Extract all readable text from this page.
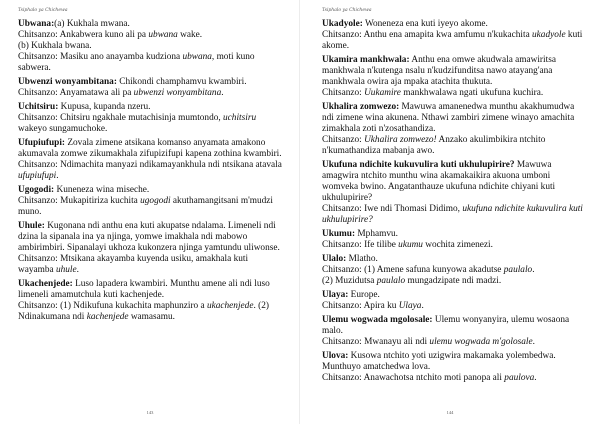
Tsiphalo ya Chichewa

Ubwana:(a) Kukhala mwana.
Chitsanzo: Ankabwera kuno ali pa ubwana wake.
(b) Kukhala bwana.
Chitsanzo: Masiku ano anayamba kudziona ubwana, moti kuno sabwera.

Ubwenzi wonyambitana: Chikondi champhamvu kwambiri.
Chitsanzo: Anyamatawa ali pa ubwenzi wonyambitana.

Uchitsiru: Kupusa, kupanda nzeru.
Chitsanzo: Chitsiru ngakhale mutachisinja mumtondo, uchitsiru wakeyo sungamuchoke.

Ufupiufupi: Zovala zimene atsikana komanso anyamata amakono akumavala zomwe zikumakhala zifupizifupi kapena zothina kwambiri.
Chitsanzo: Ndimachita manyazi ndikamayankhula ndi ntsikana atavala ufupiufupi.

Ugogodi: Kuneneza wina miseche.
Chitsanzo: Mukapitiriza kuchita ugogodi akuthamangitsani m'mudzi muno.

Uhule: Kugonana ndi anthu ena kuti akupatse ndalama. Limeneli ndi dzina la sipanala ina ya njinga, yomwe imakhala ndi mabowo ambirimbiri. Sipanalayi ukhoza kukonzera njinga yamtundu uliwonse.
Chitsanzo: Mtsikana akayamba kuyenda usiku, amakhala kuti wayamba uhule.

Ukachenjede: Luso lapadera kwambiri. Munthu amene ali ndi luso limeneli amamutchula kuti kachenjede.
Chitsanzo: (1) Ndikufuna kukachita maphunziro a ukachenjede. (2) Ndinakumana ndi kachenjede wamasamu.

143
Tsiphalo ya Chichewa

Ukadyole: Woneneza ena kuti iyeyo akome.
Chitsanzo: Anthu ena amapita kwa amfumu n'kukachita ukadyole kuti akome.

Ukamira mankhwala: Anthu ena omwe akudwala amawiritsa mankhwala n'kutenga nsalu n'kudzifunditsa nawo atayang'ana mankhwala owira aja mpaka atachita thukuta.
Chitsanzo: Uukamire mankhwalawa ngati ukufuna kuchira.

Ukhalira zomwezo: Mawuwa amanenedwa munthu akakhumudwa ndi zimene wina akunena. Nthawi zambiri zimene winayo amachita zimakhala zoti n'zosathandiza.
Chitsanzo: Ukhalira zomwezo! Anzako akulimbikira ntchito n'kumathandiza mabanja awo.

Ukufuna ndichite kukuvulira kuti ukhulupirire? Mawuwa amagwira ntchito munthu wina akamakaikira akuona umboni womveka bwino. Angatanthauze ukufuna ndichite chiyani kuti ukhulupirire?
Chitsanzo: Iwe ndi Thomasi Didimo, ukufuna ndichite kukuvulira kuti ukhulupirire?

Ukumu: Mphamvu.
Chitsanzo: Ife tilibe ukumu wochita zimenezi.

Ulalo: Mlatho.
Chitsanzo: (1) Amene safuna kunyowa akadutse paulalo.
(2) Muzidutsa paulalo mungadzipate ndi madzi.

Ulaya: Europe.
Chitsanzo: Apira ku Ulaya.

Ulemu wogwada mgolosale: Ulemu wonyanyira, ulemu wosaona malo.
Chitsanzo: Mwanayu ali ndi ulemu wogwada m'golosale.

Ulova: Kusowa ntchito yoti uzigwira makamaka yolembedwa. Munthuyo amatchedwa lova.
Chitsanzo: Anawachotsa ntchito moti panopa ali paulova.

144
